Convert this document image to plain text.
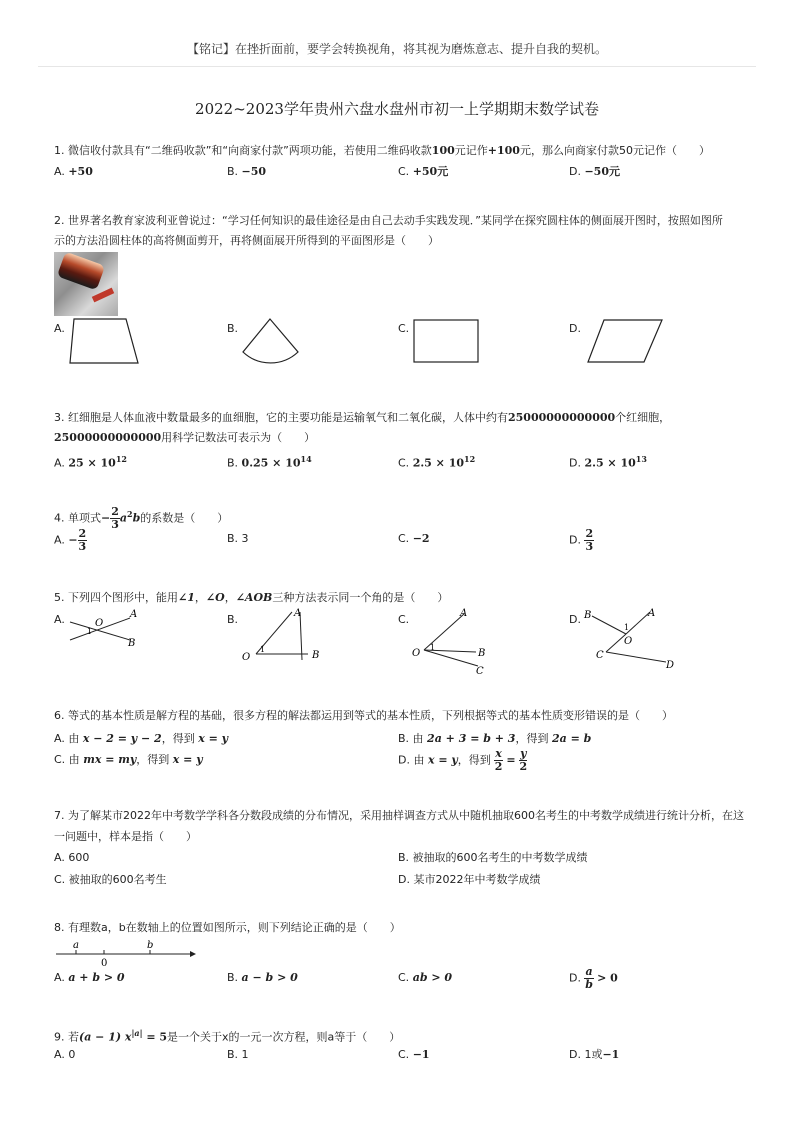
【铭记】在挫折面前，要学会转换视角，将其视为磨炼意志、提升自我的契机。
2022~2023学年贵州六盘水盘州市初一上学期期末数学试卷
1. 微信收付款具有“二维码收款”和“向商家付款”两项功能，若使用二维码收款100元记作+100元，那么向商家付款50元记作（　　）
A. +50	B. −50	C. +50元	D. −50元
2. 世界著名教育家波利亚曾说过：“学习任何知识的最佳途径是由自己去动手实践发现．”某同学在探究圆柱体的侧面展开图时，按照如图所
示的方法沿圆柱体的高将侧面剪开，再将侧面展开所得到的平面图形是（　　）
A.	B.	C.	D.
3. 红细胞是人体血液中数量最多的血细胞，它的主要功能是运输氧气和二氧化碳，人体中约有25000000000000个红细胞，
25000000000000用科学记数法可表示为（　　）
A. $25 \times 10^{12}$	B. $0.25 \times 10^{14}$	C. $2.5 \times 10^{12}$	D. $2.5 \times 10^{13}$
4. 单项式− $\frac{2}{3} a^2b$的系数是（　　）
A. − $\frac{2}{3}$	B. 3	C. −2	D. $\frac{2}{3}$
5. 下列四个图形中，能用∠1，∠O，∠AOB三种方法表示同一个角的是（　　）
A.	O
1
A
B
B.
O
1
A
B
C.
O
1
A
B
C
D. B
1
O
A
C
D
6. 等式的基本性质是解方程的基础，很多方程的解法都运用到等式的基本性质，下列根据等式的基本性质变形错误的是（　　）
A. 由 x − 2 = y − 2，得到 x = y	B. 由 2a + 3 = b + 3，得到 2a = b
C. 由 mx = my，得到 x = y	D. 由 x = y，得到 $\frac{x}{2} = \frac{y}{2}$
7. 为了解某市2022年中考数学学科各分数段成绩的分布情况，采用抽样调查方式从中随机抽取600名考生的中考数学成绩进行统计分析，在这
一问题中，样本是指（　　）
A. 600	B. 被抽取的600名考生的中考数学成绩
C. 被抽取的600名考生	D. 某市2022年中考数学成绩
8. 有理数a，b在数轴上的位置如图所示，则下列结论正确的是（　　）
a
0
b
A. a + b > 0	B. a − b > 0	C. ab > 0	D. $\frac{a}{b} > 0$
9. 若(a − 1) $x^{|a|} = 5$是一个关于x的一元一次方程，则a等于（　　）
A. 0	B. 1	C. −1	D. 1或−1
